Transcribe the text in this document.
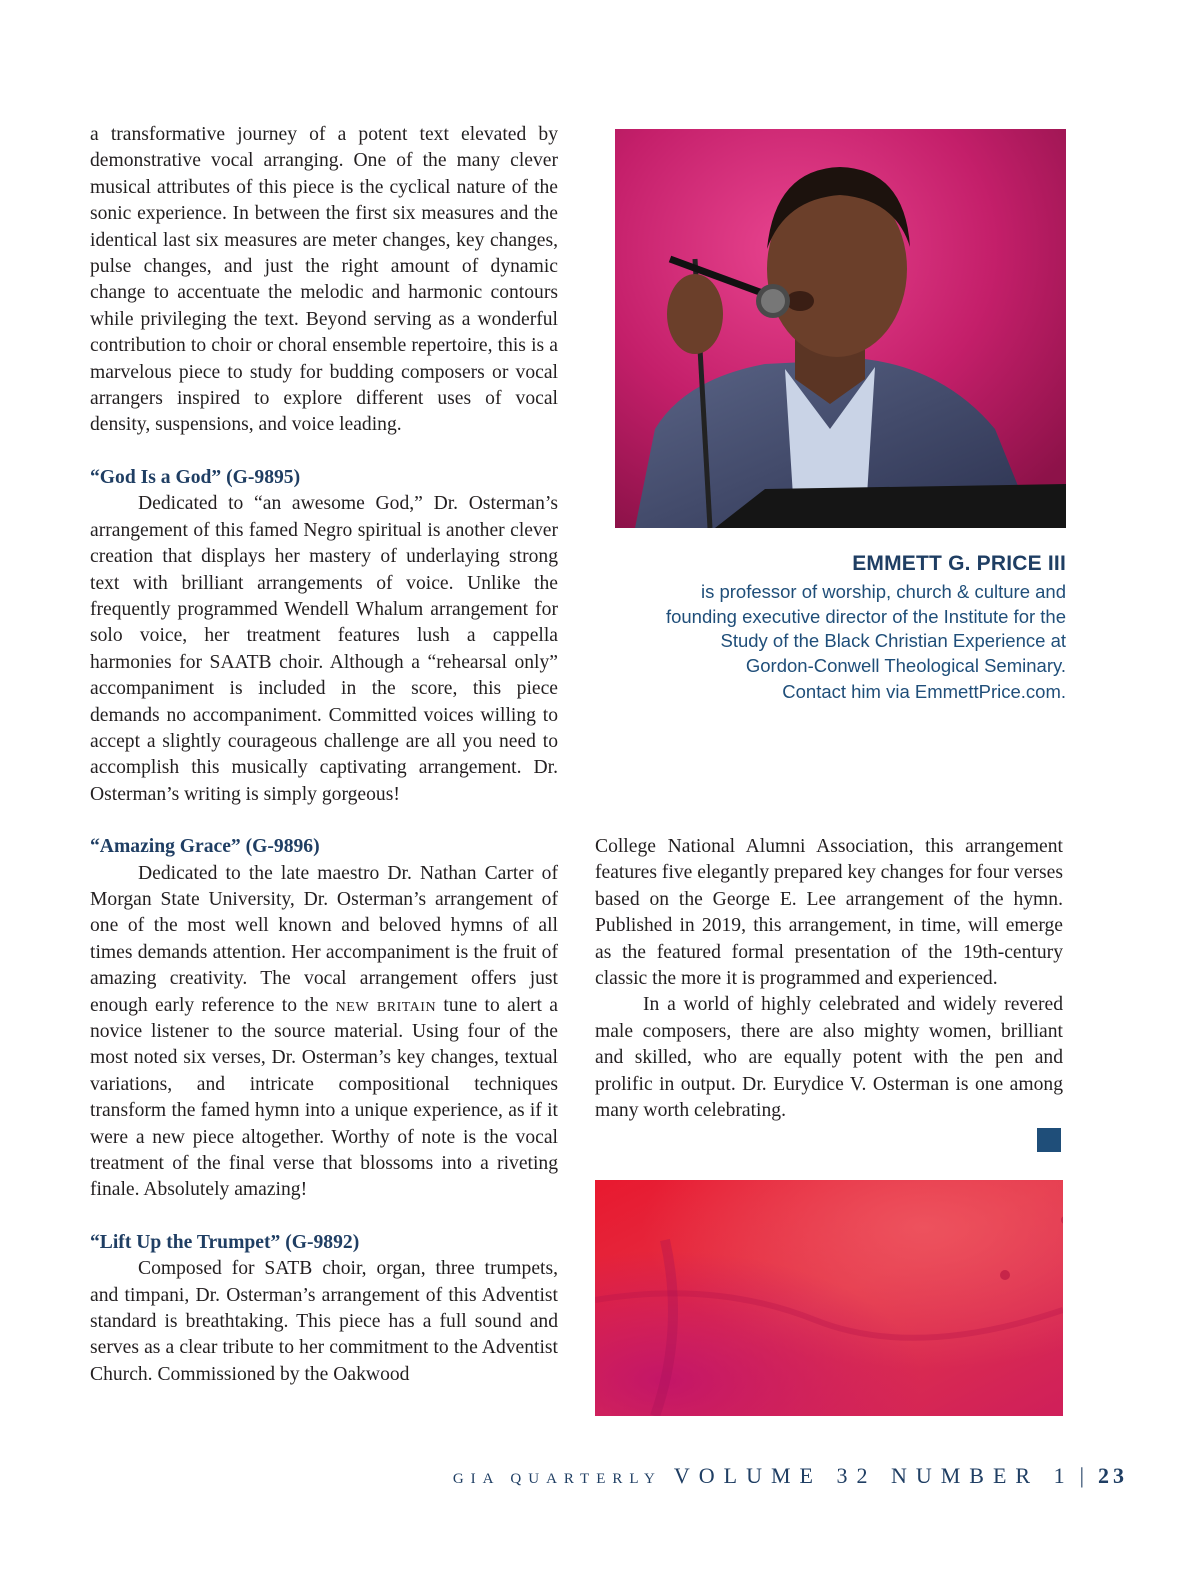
a transformative journey of a potent text elevated by demonstrative vocal arranging. One of the many clever musical attributes of this piece is the cyclical nature of the sonic experience. In between the first six measures and the identical last six measures are meter changes, key changes, pulse changes, and just the right amount of dynamic change to accentuate the melodic and harmonic contours while privileging the text. Beyond serving as a wonderful contribution to choir or choral ensemble repertoire, this is a marvelous piece to study for budding composers or vocal arrangers inspired to explore different uses of vocal density, suspensions, and voice leading.

“God Is a God” (G-9895)

Dedicated to “an awesome God,” Dr. Osterman’s arrangement of this famed Negro spiritual is another clever creation that displays her mastery of underlaying strong text with brilliant arrangements of voice. Unlike the frequently programmed Wendell Whalum arrangement for solo voice, her treatment features lush a cappella harmonies for SAATB choir. Although a “rehearsal only” accompaniment is included in the score, this piece demands no accompaniment. Committed voices willing to accept a slightly courageous challenge are all you need to accomplish this musically captivating arrangement. Dr. Osterman’s writing is simply gorgeous!

“Amazing Grace” (G-9896)

Dedicated to the late maestro Dr. Nathan Carter of Morgan State University, Dr. Osterman’s arrangement of one of the most well known and beloved hymns of all times demands attention. Her accompaniment is the fruit of amazing creativity. The vocal arrangement offers just enough early reference to the new britain tune to alert a novice listener to the source material. Using four of the most noted six verses, Dr. Osterman’s key changes, textual variations, and intricate compositional techniques transform the famed hymn into a unique experience, as if it were a new piece altogether. Worthy of note is the vocal treatment of the final verse that blossoms into a riveting finale. Absolutely amazing!

“Lift Up the Trumpet” (G-9892)

Composed for SATB choir, organ, three trumpets, and timpani, Dr. Osterman’s arrangement of this Adventist standard is breathtaking. This piece has a full sound and serves as a clear tribute to her commitment to the Adventist Church. Commissioned by the Oakwood

EMMETT G. PRICE III
is professor of worship, church & culture and
founding executive director of the Institute for the
Study of the Black Christian Experience at
Gordon-Conwell Theological Seminary.
Contact him via EmmettPrice.com.

College National Alumni Association, this arrangement features five elegantly prepared key changes for four verses based on the George E. Lee arrangement of the hymn. Published in 2019, this arrangement, in time, will emerge as the featured formal presentation of the 19th-century classic the more it is programmed and experienced.

In a world of highly celebrated and widely revered male composers, there are also mighty women, brilliant and skilled, who are equally potent with the pen and prolific in output. Dr. Eurydice V. Osterman is one among many worth celebrating.

GIA QUARTERLY VOLUME 32 NUMBER 1 | 23
